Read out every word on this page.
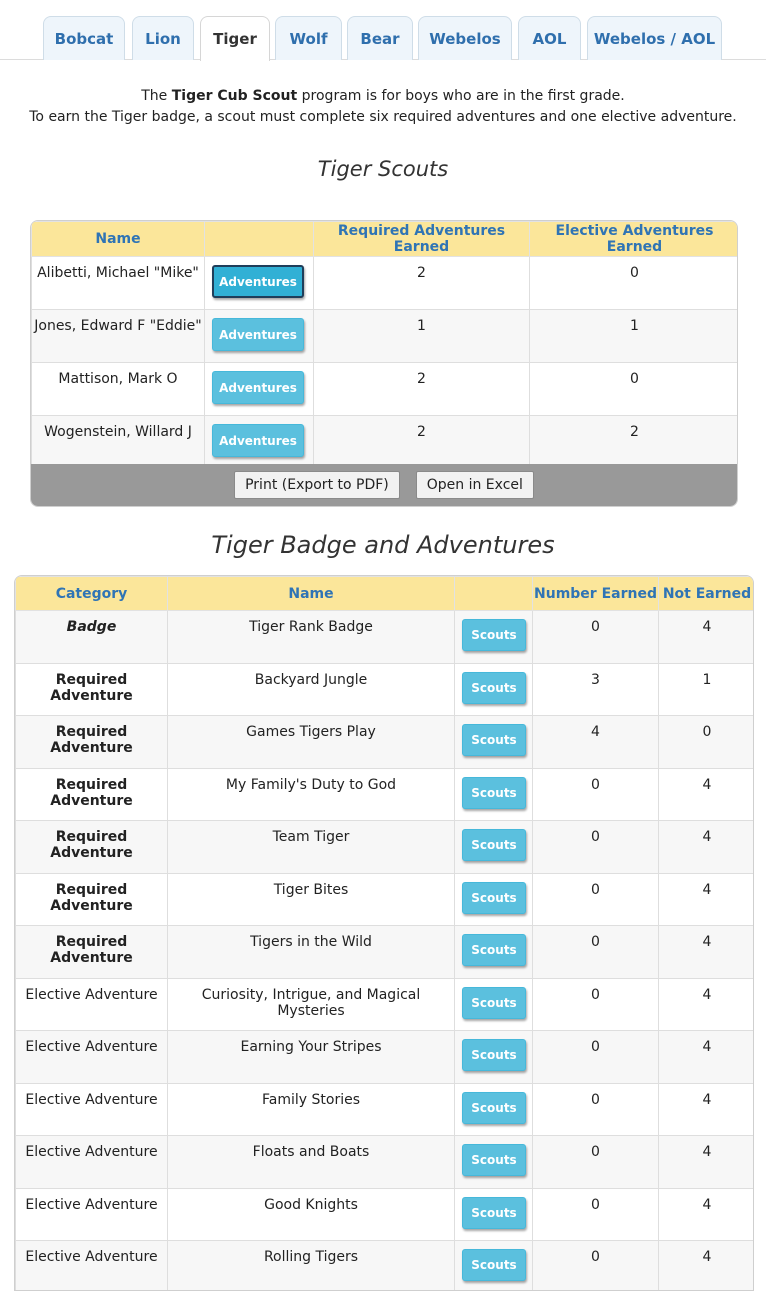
Bobcat	Lion	Tiger	Wolf	Bear	Webelos	AOL	Webelos / AOL
The Tiger Cub Scout program is for boys who are in the first grade.
To earn the Tiger badge, a scout must complete six required adventures and one elective adventure.
Tiger Scouts
Name		Required Adventures Earned	Elective Adventures Earned
Alibetti, Michael "Mike"	Adventures	2	0
Jones, Edward F "Eddie"	Adventures	1	1
Mattison, Mark O	Adventures	2	0
Wogenstein, Willard J	Adventures	2	2
Print (Export to PDF)	Open in Excel
Tiger Badge and Adventures
Category	Name		Number Earned	Not Earned
Badge	Tiger Rank Badge	Scouts	0	4
Required Adventure	Backyard Jungle	Scouts	3	1
Required Adventure	Games Tigers Play	Scouts	4	0
Required Adventure	My Family's Duty to God	Scouts	0	4
Required Adventure	Team Tiger	Scouts	0	4
Required Adventure	Tiger Bites	Scouts	0	4
Required Adventure	Tigers in the Wild	Scouts	0	4
Elective Adventure	Curiosity, Intrigue, and Magical Mysteries	Scouts	0	4
Elective Adventure	Earning Your Stripes	Scouts	0	4
Elective Adventure	Family Stories	Scouts	0	4
Elective Adventure	Floats and Boats	Scouts	0	4
Elective Adventure	Good Knights	Scouts	0	4
Elective Adventure	Rolling Tigers	Scouts	0	4
